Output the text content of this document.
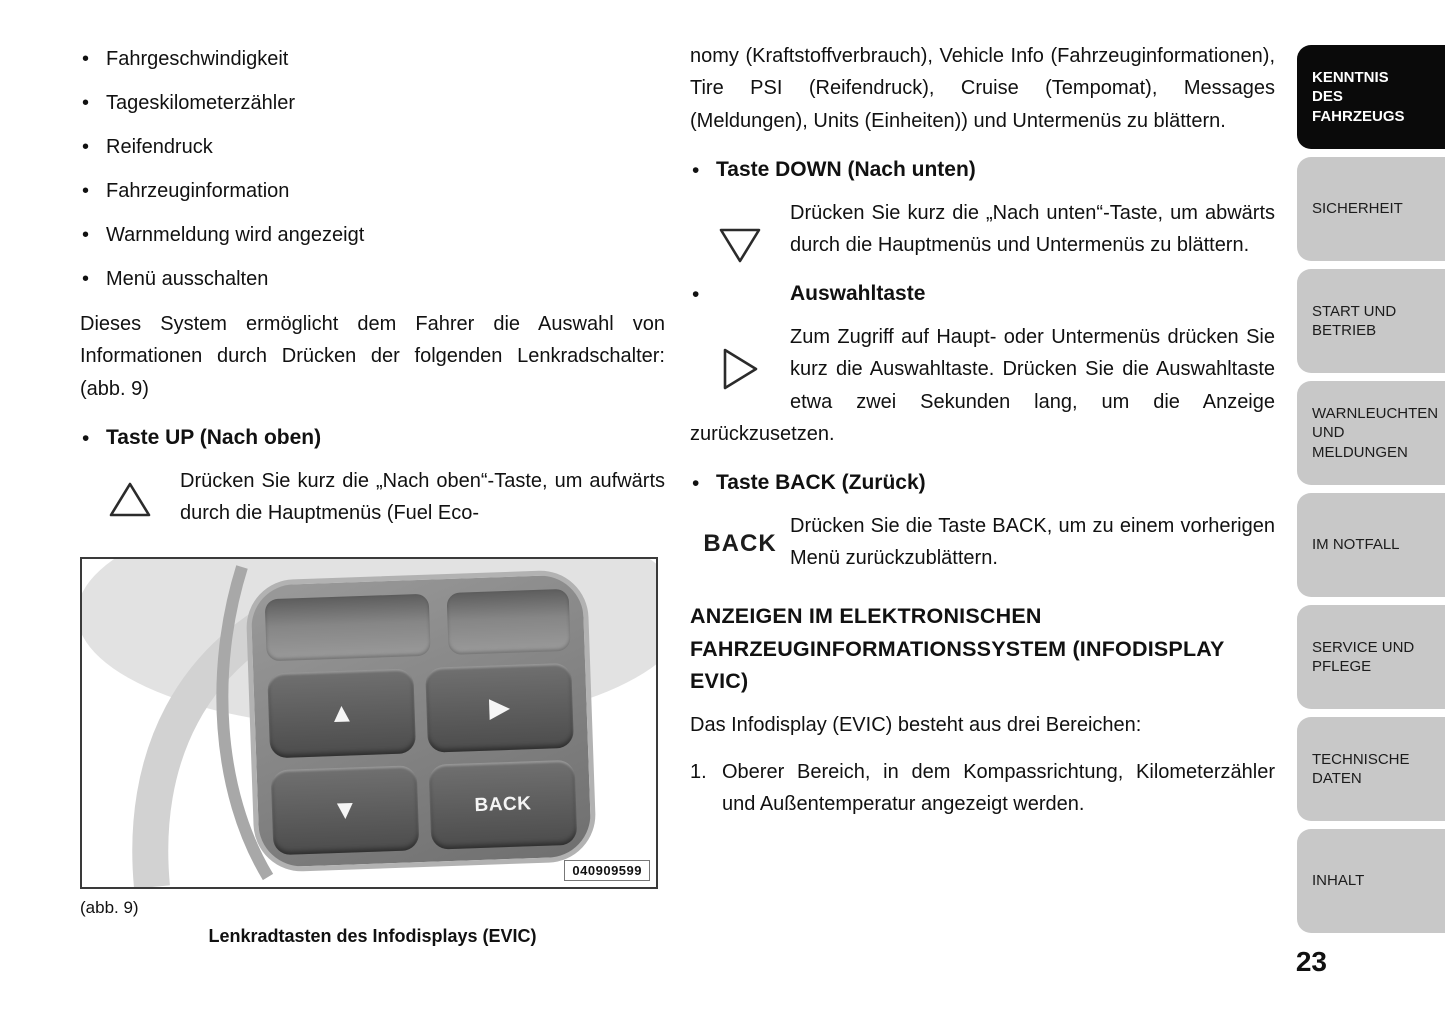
• Fahrgeschwindigkeit
• Tageskilometerzähler
• Reifendruck
• Fahrzeuginformation
• Warnmeldung wird angezeigt
• Menü ausschalten

Dieses System ermöglicht dem Fahrer die Auswahl von Informationen durch Drücken der folgenden Lenkradschalter: (abb. 9)

• Taste UP (Nach oben)

Drücken Sie kurz die „Nach oben“-Taste, um aufwärts durch die Hauptmenüs (Fuel Eco-

▲	▶
▼	BACK
040909599
(abb. 9)
Lenkradtasten des Infodisplays (EVIC)

nomy (Kraftstoffverbrauch), Vehicle Info (Fahrzeuginformationen), Tire PSI (Reifendruck), Cruise (Tempomat), Messages (Meldungen), Units (Einheiten)) und Untermenüs zu blättern.

• Taste DOWN (Nach unten)

Drücken Sie kurz die „Nach unten“-Taste, um abwärts durch die Hauptmenüs und Untermenüs zu blättern.

• Auswahltaste

Zum Zugriff auf Haupt- oder Untermenüs drücken Sie kurz die Auswahltaste. Drücken Sie die Auswahltaste etwa zwei Sekunden lang, um die Anzeige zurückzusetzen.

• Taste BACK (Zurück)

BACK
Drücken Sie die Taste BACK, um zu einem vorherigen Menü zurückzublättern.

ANZEIGEN IM ELEKTRONISCHEN FAHRZEUGINFORMATIONSSYSTEM (INFODISPLAY EVIC)

Das Infodisplay (EVIC) besteht aus drei Bereichen:

1. Oberer Bereich, in dem Kompassrichtung, Kilometerzähler und Außentemperatur angezeigt werden.
KENNTNIS DES FAHRZEUGS
SICHERHEIT
START UND BETRIEB
WARNLEUCHTEN UND MELDUNGEN
IM NOTFALL
SERVICE UND PFLEGE
TECHNISCHE DATEN
INHALT
23
